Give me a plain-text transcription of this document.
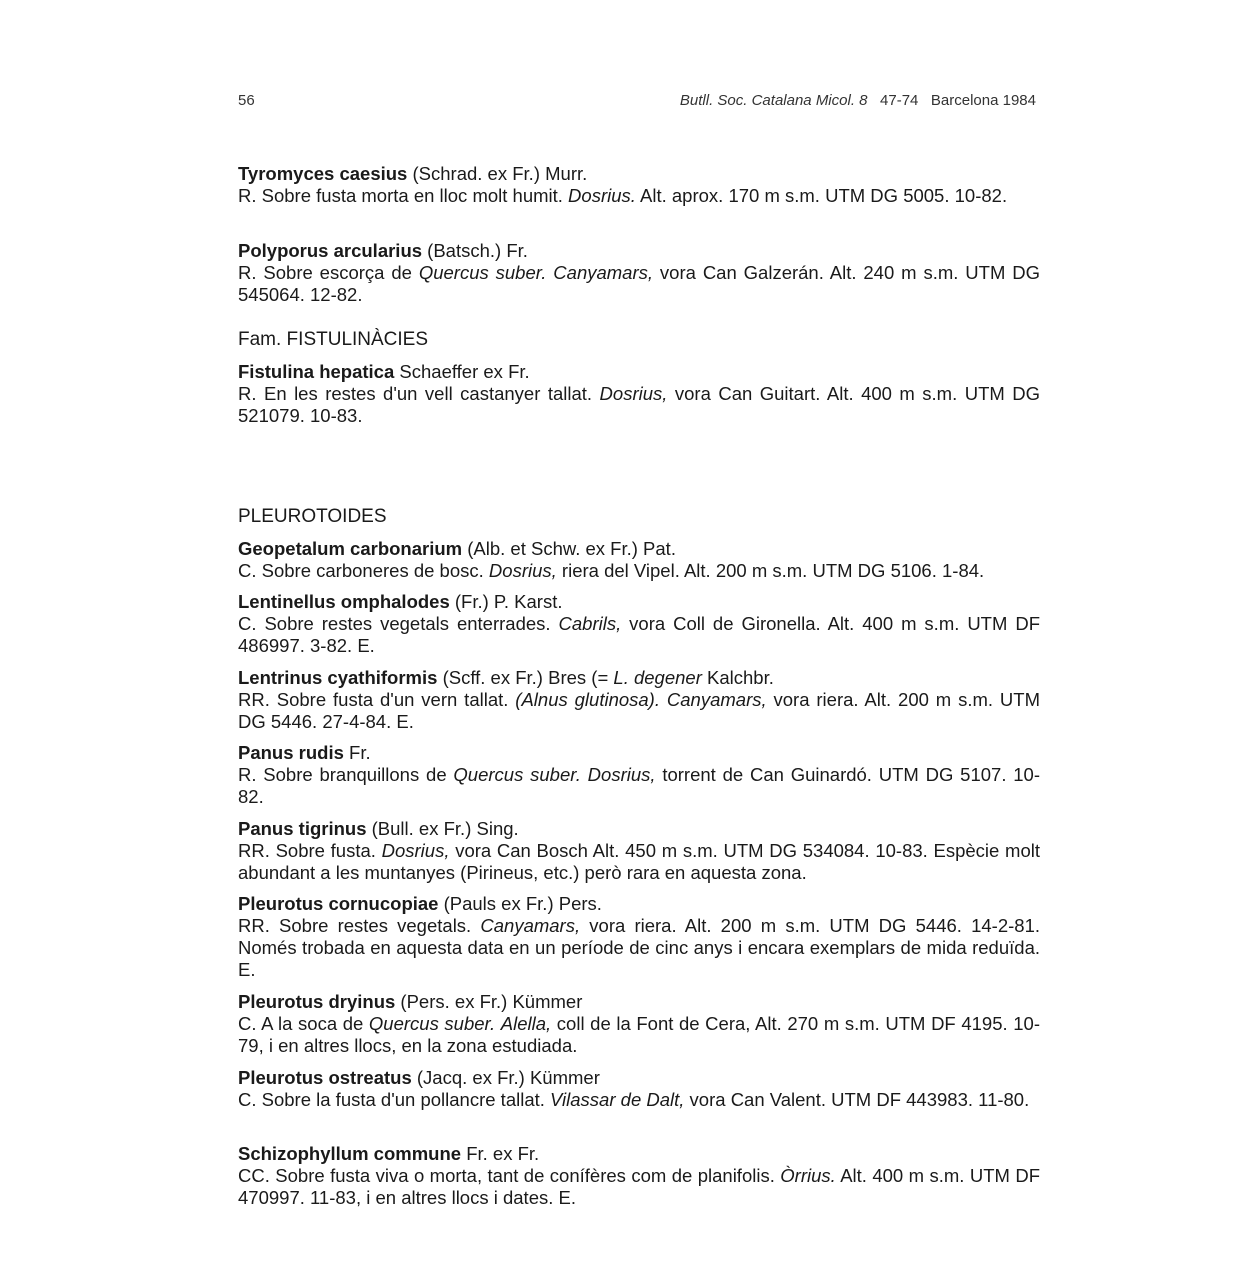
56	Butll. Soc. Catalana Micol. 8 47-74 Barcelona 1984
Tyromyces caesius (Schrad. ex Fr.) Murr.
R. Sobre fusta morta en lloc molt humit. Dosrius. Alt. aprox. 170 m s.m. UTM DG 5005. 10-82.
Polyporus arcularius (Batsch.) Fr.
R. Sobre escorça de Quercus suber. Canyamars, vora Can Galzerán. Alt. 240 m s.m. UTM DG 545064. 12-82.
Fam. FISTULINÀCIES
Fistulina hepatica Schaeffer ex Fr.
R. En les restes d'un vell castanyer tallat. Dosrius, vora Can Guitart. Alt. 400 m s.m. UTM DG 521079. 10-83.
PLEUROTOIDES
Geopetalum carbonarium (Alb. et Schw. ex Fr.) Pat.
C. Sobre carboneres de bosc. Dosrius, riera del Vipel. Alt. 200 m s.m. UTM DG 5106. 1-84.
Lentinellus omphalodes (Fr.) P. Karst.
C. Sobre restes vegetals enterrades. Cabrils, vora Coll de Gironella. Alt. 400 m s.m. UTM DF 486997. 3-82. E.
Lentrinus cyathiformis (Scff. ex Fr.) Bres (= L. degener Kalchbr.
RR. Sobre fusta d'un vern tallat. (Alnus glutinosa). Canyamars, vora riera. Alt. 200 m s.m. UTM DG 5446. 27-4-84. E.
Panus rudis Fr.
R. Sobre branquillons de Quercus suber. Dosrius, torrent de Can Guinardó. UTM DG 5107. 10-82.
Panus tigrinus (Bull. ex Fr.) Sing.
RR. Sobre fusta. Dosrius, vora Can Bosch Alt. 450 m s.m. UTM DG 534084. 10-83. Espècie molt abundant a les muntanyes (Pirineus, etc.) però rara en aquesta zona.
Pleurotus cornucopiae (Pauls ex Fr.) Pers.
RR. Sobre restes vegetals. Canyamars, vora riera. Alt. 200 m s.m. UTM DG 5446. 14-2-81. Només trobada en aquesta data en un període de cinc anys i encara exemplars de mida reduïda. E.
Pleurotus dryinus (Pers. ex Fr.) Kümmer
C. A la soca de Quercus suber. Alella, coll de la Font de Cera, Alt. 270 m s.m. UTM DF 4195. 10-79, i en altres llocs, en la zona estudiada.
Pleurotus ostreatus (Jacq. ex Fr.) Kümmer
C. Sobre la fusta d'un pollancre tallat. Vilassar de Dalt, vora Can Valent. UTM DF 443983. 11-80.
Schizophyllum commune Fr. ex Fr.
CC. Sobre fusta viva o morta, tant de conífères com de planifolis. Òrrius. Alt. 400 m s.m. UTM DF 470997. 11-83, i en altres llocs i dates. E.
